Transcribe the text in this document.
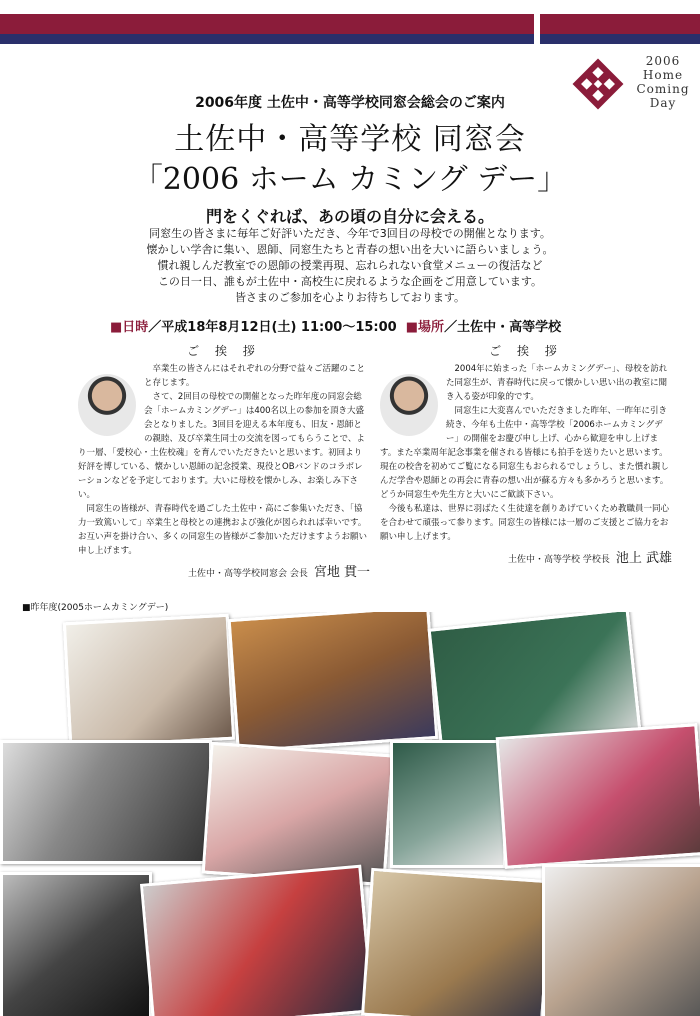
2006
Home
Coming
Day
2006年度 土佐中・高等学校同窓会総会のご案内
土佐中・高等学校 同窓会
「2006 ホーム カミング デー」
門をくぐれば、あの頃の自分に会える。
同窓生の皆さまに毎年ご好評いただき、今年で3回目の母校での開催となります。
懐かしい学舎に集い、恩師、同窓生たちと青春の想い出を大いに語らいましょう。
慣れ親しんだ教室での恩師の授業再現、忘れられない食堂メニューの復活など
この日一日、誰もが土佐中・高校生に戻れるような企画をご用意しています。
皆さまのご参加を心よりお待ちしております。
■日時／平成18年8月12日(土) 11:00〜15:00 ■場所／土佐中・高等学校
ご 挨 拶

卒業生の皆さんにはそれぞれの分野で益々ご活躍のことと存じます。

さて、2回目の母校での開催となった昨年度の同窓会総会「ホームカミングデー」は400名以上の参加を頂き大盛会となりました。3回目を迎える本年度も、旧友・恩師との親睦、及び卒業生同士の交流を図ってもらうことで、より一層、「愛校心・土佐校魂」を育んでいただきたいと思います。初回より好評を博している、懐かしい恩師の記念授業、現役とOBバンドのコラボレーションなどを予定しております。大いに母校を懐かしみ、お楽しみ下さい。

同窓生の皆様が、青春時代を過ごした土佐中・高にご参集いただき、「協力一致篤いして」卒業生と母校との連携および強化が図られれば幸いです。お互い声を掛け合い、多くの同窓生の皆様がご参加いただけますようお願い申し上げます。

土佐中・高等学校同窓会 会長 宮地 貫一
ご 挨 拶

2004年に始まった「ホームカミングデー」、母校を訪れた同窓生が、青春時代に戻って懐かしい思い出の教室に聞き入る姿が印象的です。

同窓生に大変喜んでいただきました昨年、一昨年に引き続き、今年も土佐中・高等学校「2006ホームカミングデー」の開催をお慶び申し上げ、心から歓迎を申し上げます。また卒業周年記念事業を催される皆様にも拍手を送りたいと思います。現在の校舎を初めてご覧になる同窓生もおられるでしょうし、また慣れ親しんだ学舎や恩師との再会に青春の想い出が蘇る方々も多かろうと思います。どうか同窓生や先生方と大いにご歓談下さい。

今後も私達は、世界に羽ばたく生徒達を創りあげていくため教職員一同心を合わせて頑張って参ります。同窓生の皆様には一層のご支援とご協力をお願い申し上げます。

土佐中・高等学校 学校長 池上 武雄
■昨年度(2005ホームカミングデー)
